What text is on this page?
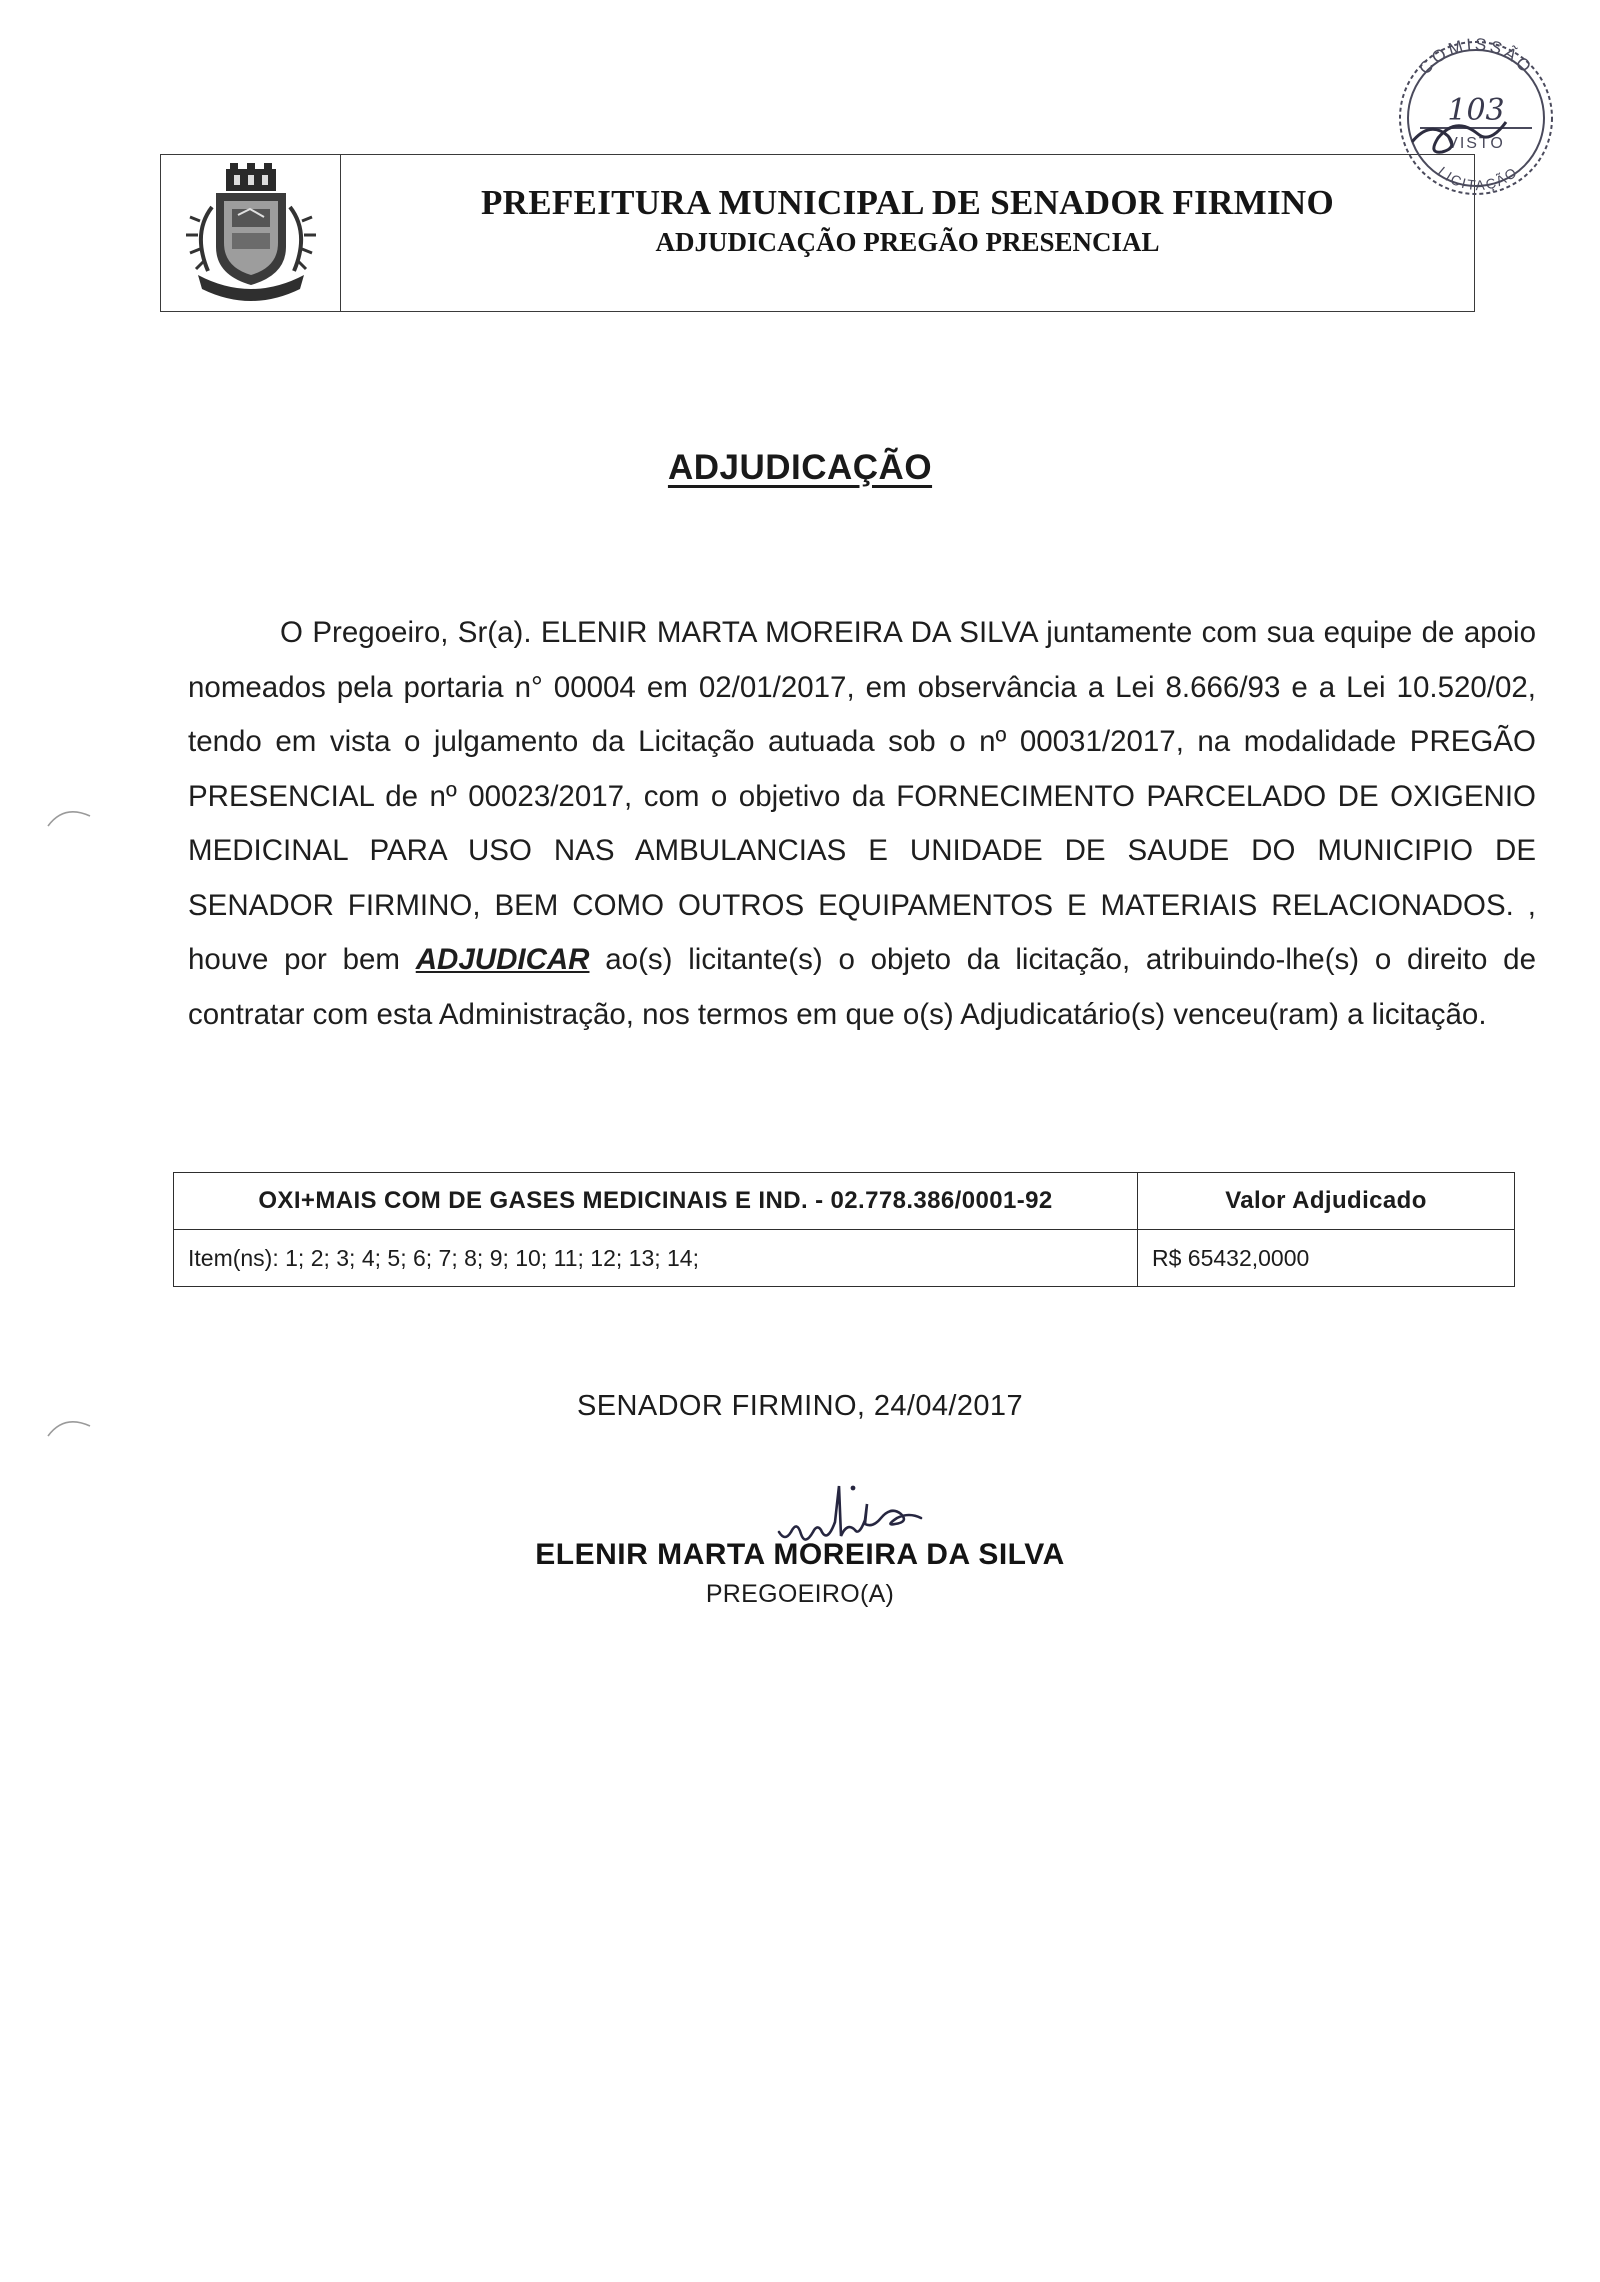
PREFEITURA MUNICIPAL DE SENADOR FIRMINO
ADJUDICAÇÃO PREGÃO PRESENCIAL
COMISSÃO
103
VISTO
LICITAÇÃO
ADJUDICAÇÃO

O Pregoeiro, Sr(a). ELENIR MARTA MOREIRA DA SILVA juntamente com sua equipe de apoio nomeados pela portaria n° 00004 em 02/01/2017, em observância a Lei 8.666/93 e a Lei 10.520/02, tendo em vista o julgamento da Licitação autuada sob o nº 00031/2017, na modalidade PREGÃO PRESENCIAL de nº 00023/2017, com o objetivo da FORNECIMENTO PARCELADO DE OXIGENIO MEDICINAL PARA USO NAS AMBULANCIAS E UNIDADE DE SAUDE DO MUNICIPIO DE SENADOR FIRMINO, BEM COMO OUTROS EQUIPAMENTOS E MATERIAIS RELACIONADOS. , houve por bem ADJUDICAR ao(s) licitante(s) o objeto da licitação, atribuindo-lhe(s) o direito de contratar com esta Administração, nos termos em que o(s) Adjudicatário(s) venceu(ram) a licitação.

OXI+MAIS COM DE GASES MEDICINAIS E IND. - 02.778.386/0001-92	Valor Adjudicado
Item(ns): 1; 2; 3; 4; 5; 6; 7; 8; 9; 10; 11; 12; 13; 14;	R$ 65432,0000
SENADOR FIRMINO, 24/04/2017
ELENIR MARTA MOREIRA DA SILVA
PREGOEIRO(A)
